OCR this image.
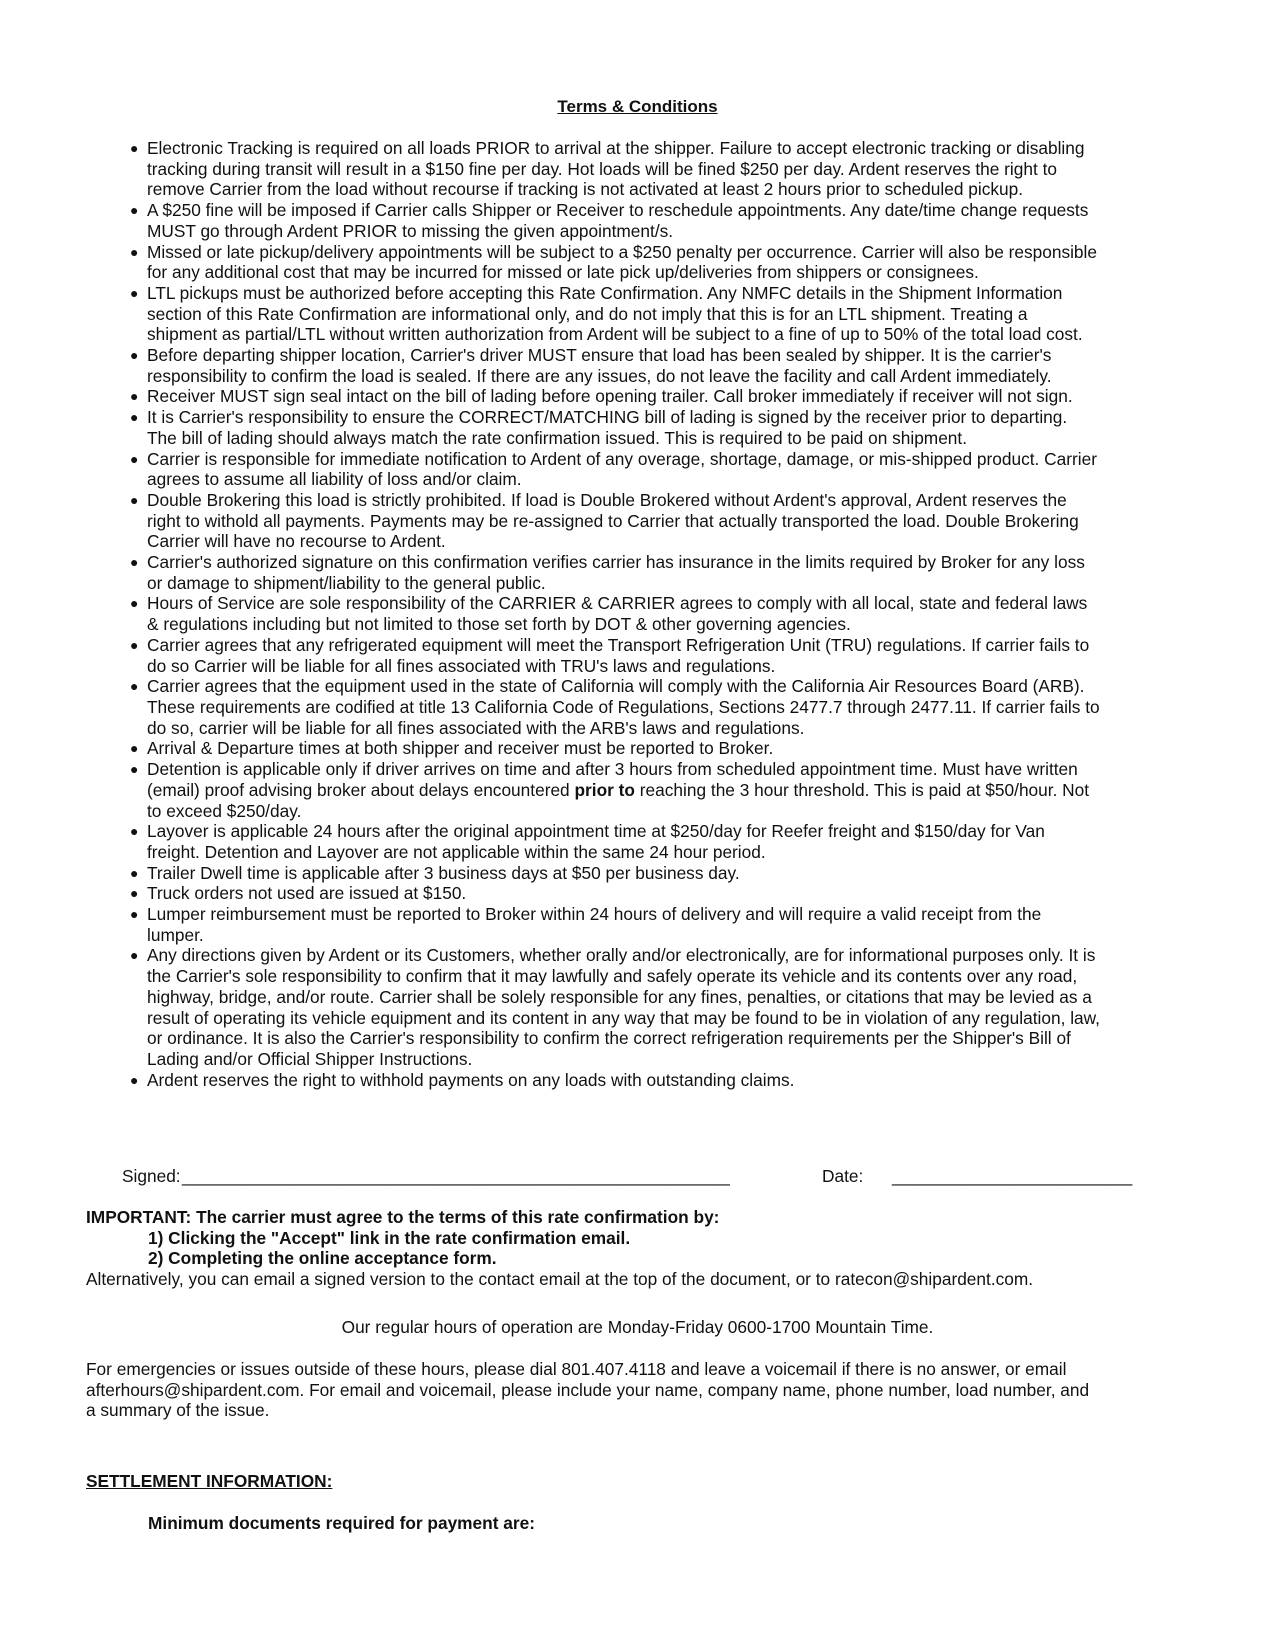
Terms & Conditions
● Electronic Tracking is required on all loads PRIOR to arrival at the shipper. Failure to accept electronic tracking or disabling
tracking during transit will result in a $150 fine per day. Hot loads will be fined $250 per day. Ardent reserves the right to
remove Carrier from the load without recourse if tracking is not activated at least 2 hours prior to scheduled pickup.
● A $250 fine will be imposed if Carrier calls Shipper or Receiver to reschedule appointments. Any date/time change requests
MUST go through Ardent PRIOR to missing the given appointment/s.
● Missed or late pickup/delivery appointments will be subject to a $250 penalty per occurrence. Carrier will also be responsible
for any additional cost that may be incurred for missed or late pick up/deliveries from shippers or consignees.
● LTL pickups must be authorized before accepting this Rate Confirmation. Any NMFC details in the Shipment Information
section of this Rate Confirmation are informational only, and do not imply that this is for an LTL shipment. Treating a
shipment as partial/LTL without written authorization from Ardent will be subject to a fine of up to 50% of the total load cost.
● Before departing shipper location, Carrier's driver MUST ensure that load has been sealed by shipper. It is the carrier's
responsibility to confirm the load is sealed. If there are any issues, do not leave the facility and call Ardent immediately.
● Receiver MUST sign seal intact on the bill of lading before opening trailer. Call broker immediately if receiver will not sign.
● It is Carrier's responsibility to ensure the CORRECT/MATCHING bill of lading is signed by the receiver prior to departing.
The bill of lading should always match the rate confirmation issued. This is required to be paid on shipment.
● Carrier is responsible for immediate notification to Ardent of any overage, shortage, damage, or mis-shipped product. Carrier
agrees to assume all liability of loss and/or claim.
● Double Brokering this load is strictly prohibited. If load is Double Brokered without Ardent's approval, Ardent reserves the
right to withold all payments. Payments may be re-assigned to Carrier that actually transported the load. Double Brokering
Carrier will have no recourse to Ardent.
● Carrier's authorized signature on this confirmation verifies carrier has insurance in the limits required by Broker for any loss
or damage to shipment/liability to the general public.
● Hours of Service are sole responsibility of the CARRIER & CARRIER agrees to comply with all local, state and federal laws
& regulations including but not limited to those set forth by DOT & other governing agencies.
● Carrier agrees that any refrigerated equipment will meet the Transport Refrigeration Unit (TRU) regulations. If carrier fails to
do so Carrier will be liable for all fines associated with TRU's laws and regulations.
● Carrier agrees that the equipment used in the state of California will comply with the California Air Resources Board (ARB).
These requirements are codified at title 13 California Code of Regulations, Sections 2477.7 through 2477.11. If carrier fails to
do so, carrier will be liable for all fines associated with the ARB's laws and regulations.
● Arrival & Departure times at both shipper and receiver must be reported to Broker.
● Detention is applicable only if driver arrives on time and after 3 hours from scheduled appointment time. Must have written
(email) proof advising broker about delays encountered prior to reaching the 3 hour threshold. This is paid at $50/hour. Not
to exceed $250/day.
● Layover is applicable 24 hours after the original appointment time at $250/day for Reefer freight and $150/day for Van
freight. Detention and Layover are not applicable within the same 24 hour period.
● Trailer Dwell time is applicable after 3 business days at $50 per business day.
● Truck orders not used are issued at $150.
● Lumper reimbursement must be reported to Broker within 24 hours of delivery and will require a valid receipt from the
lumper.
● Any directions given by Ardent or its Customers, whether orally and/or electronically, are for informational purposes only. It is
the Carrier's sole responsibility to confirm that it may lawfully and safely operate its vehicle and its contents over any road,
highway, bridge, and/or route. Carrier shall be solely responsible for any fines, penalties, or citations that may be levied as a
result of operating its vehicle equipment and its content in any way that may be found to be in violation of any regulation, law,
or ordinance. It is also the Carrier's responsibility to confirm the correct refrigeration requirements per the Shipper's Bill of
Lading and/or Official Shipper Instructions.
● Ardent reserves the right to withhold payments on any loads with outstanding claims.
Signed: _________________________________________________________	Date: _________________________
IMPORTANT: The carrier must agree to the terms of this rate confirmation by:
1) Clicking the "Accept" link in the rate confirmation email.
2) Completing the online acceptance form.
Alternatively, you can email a signed version to the contact email at the top of the document, or to ratecon@shipardent.com.
Our regular hours of operation are Monday-Friday 0600-1700 Mountain Time.
For emergencies or issues outside of these hours, please dial 801.407.4118 and leave a voicemail if there is no answer, or email
afterhours@shipardent.com. For email and voicemail, please include your name, company name, phone number, load number, and
a summary of the issue.
SETTLEMENT INFORMATION:
Minimum documents required for payment are:
